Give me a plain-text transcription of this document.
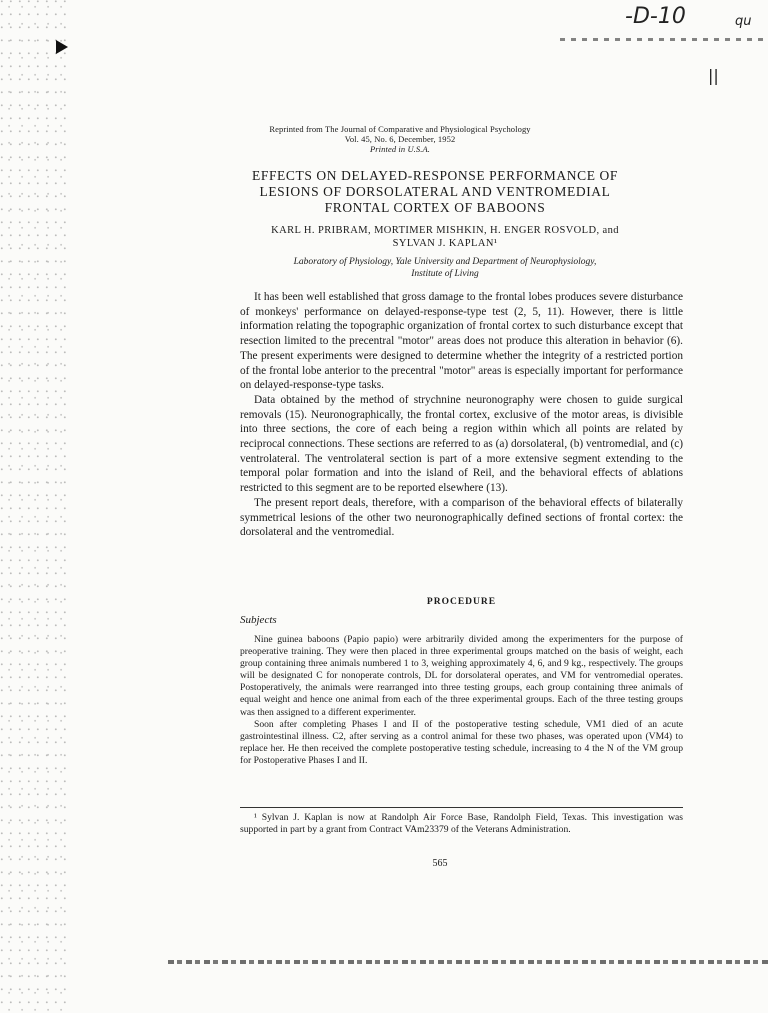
-D-10	qu
||
Reprinted from The Journal of Comparative and Physiological Psychology
Vol. 45, No. 6, December, 1952
Printed in U.S.A.
EFFECTS ON DELAYED-RESPONSE PERFORMANCE OF
LESIONS OF DORSOLATERAL AND VENTROMEDIAL
FRONTAL CORTEX OF BABOONS
KARL H. PRIBRAM, MORTIMER MISHKIN, H. ENGER ROSVOLD, and
SYLVAN J. KAPLAN¹
Laboratory of Physiology, Yale University and Department of Neurophysiology,
Institute of Living

It has been well established that gross damage to the frontal lobes produces severe disturbance of monkeys' performance on delayed-response-type test (2, 5, 11). However, there is little information relating the topographic organization of frontal cortex to such disturbance except that resection limited to the precentral "motor" areas does not produce this alteration in behavior (6). The present experiments were designed to determine whether the integrity of a restricted portion of the frontal lobe anterior to the precentral "motor" areas is especially important for performance on delayed-response-type tasks.

Data obtained by the method of strychnine neuronography were chosen to guide surgical removals (15). Neuronographically, the frontal cortex, exclusive of the motor areas, is divisible into three sections, the core of each being a region within which all points are related by reciprocal connections. These sections are referred to as (a) dorsolateral, (b) ventromedial, and (c) ventrolateral. The ventrolateral section is part of a more extensive segment extending to the temporal polar formation and into the island of Reil, and the behavioral effects of ablations restricted to this segment are to be reported elsewhere (13).

The present report deals, therefore, with a comparison of the behavioral effects of bilaterally symmetrical lesions of the other two neuronographically defined sections of frontal cortex: the dorsolateral and the ventromedial.

PROCEDURE
Subjects

Nine guinea baboons (Papio papio) were arbitrarily divided among the experimenters for the purpose of preoperative training. They were then placed in three experimental groups matched on the basis of weight, each group containing three animals numbered 1 to 3, weighing approximately 4, 6, and 9 kg., respectively. The groups will be designated C for nonoperate controls, DL for dorsolateral operates, and VM for ventromedial operates. Postoperatively, the animals were rearranged into three testing groups, each group containing three animals of equal weight and hence one animal from each of the three experimental groups. Each of the three testing groups was then assigned to a different experimenter.

Soon after completing Phases I and II of the postoperative testing schedule, VM1 died of an acute gastrointestinal illness. C2, after serving as a control animal for these two phases, was operated upon (VM4) to replace her. He then received the complete postoperative testing schedule, increasing to 4 the N of the VM group for Postoperative Phases I and II.

¹ Sylvan J. Kaplan is now at Randolph Air Force Base, Randolph Field, Texas. This investigation was supported in part by a grant from Contract VAm23379 of the Veterans Administration.

565
